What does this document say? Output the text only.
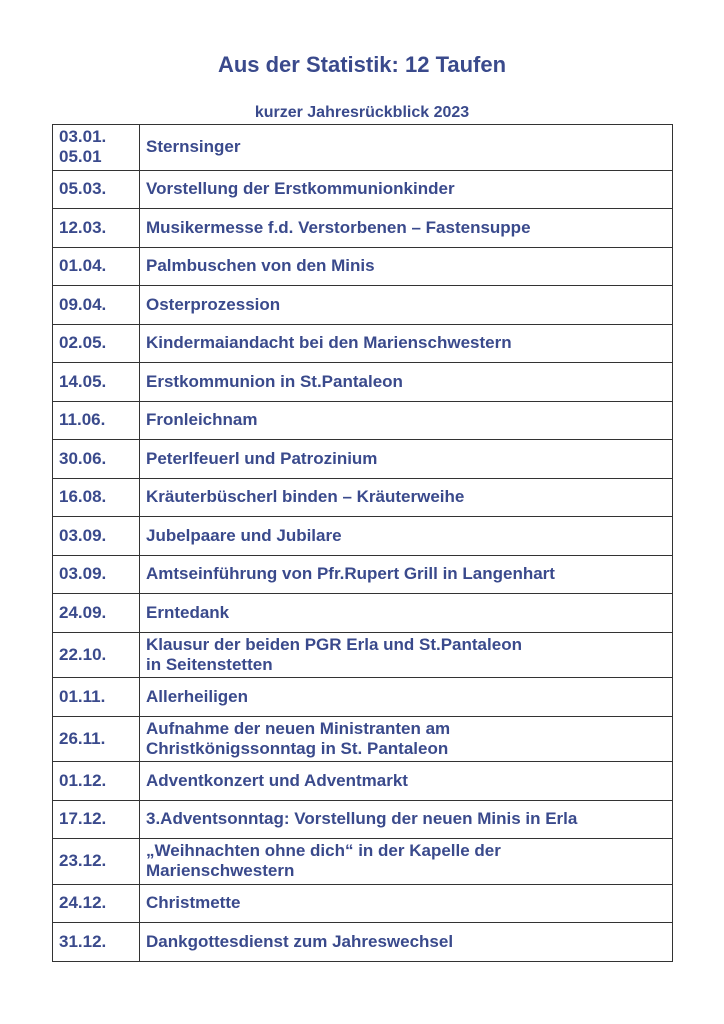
Aus der Statistik: 12 Taufen
kurzer Jahresrückblick 2023
03.01.
05.01	Sternsinger

05.03.	Vorstellung der Erstkommunionkinder

12.03.	Musikermesse f.d. Verstorbenen – Fastensuppe

01.04.	Palmbuschen von den Minis

09.04.	Osterprozession

02.05.	Kindermaiandacht bei den Marienschwestern

14.05.	Erstkommunion in St.Pantaleon

11.06.	Fronleichnam

30.06.	Peterlfeuerl und Patrozinium

16.08.	Kräuterbüscherl binden – Kräuterweihe

03.09.	Jubelpaare und Jubilare

03.09.	Amtseinführung von Pfr.Rupert Grill in Langenhart

24.09.	Erntedank

22.10.	Klausur der beiden PGR Erla und St.Pantaleon
in Seitenstetten

01.11.	Allerheiligen

26.11.	Aufnahme der neuen Ministranten am
Christkönigssonntag in St. Pantaleon

01.12.	Adventkonzert und Adventmarkt

17.12.	3.Adventsonntag: Vorstellung der neuen Minis in Erla

23.12.	„Weihnachten ohne dich“ in der Kapelle der
Marienschwestern

24.12.	Christmette

31.12.	Dankgottesdienst zum Jahreswechsel
